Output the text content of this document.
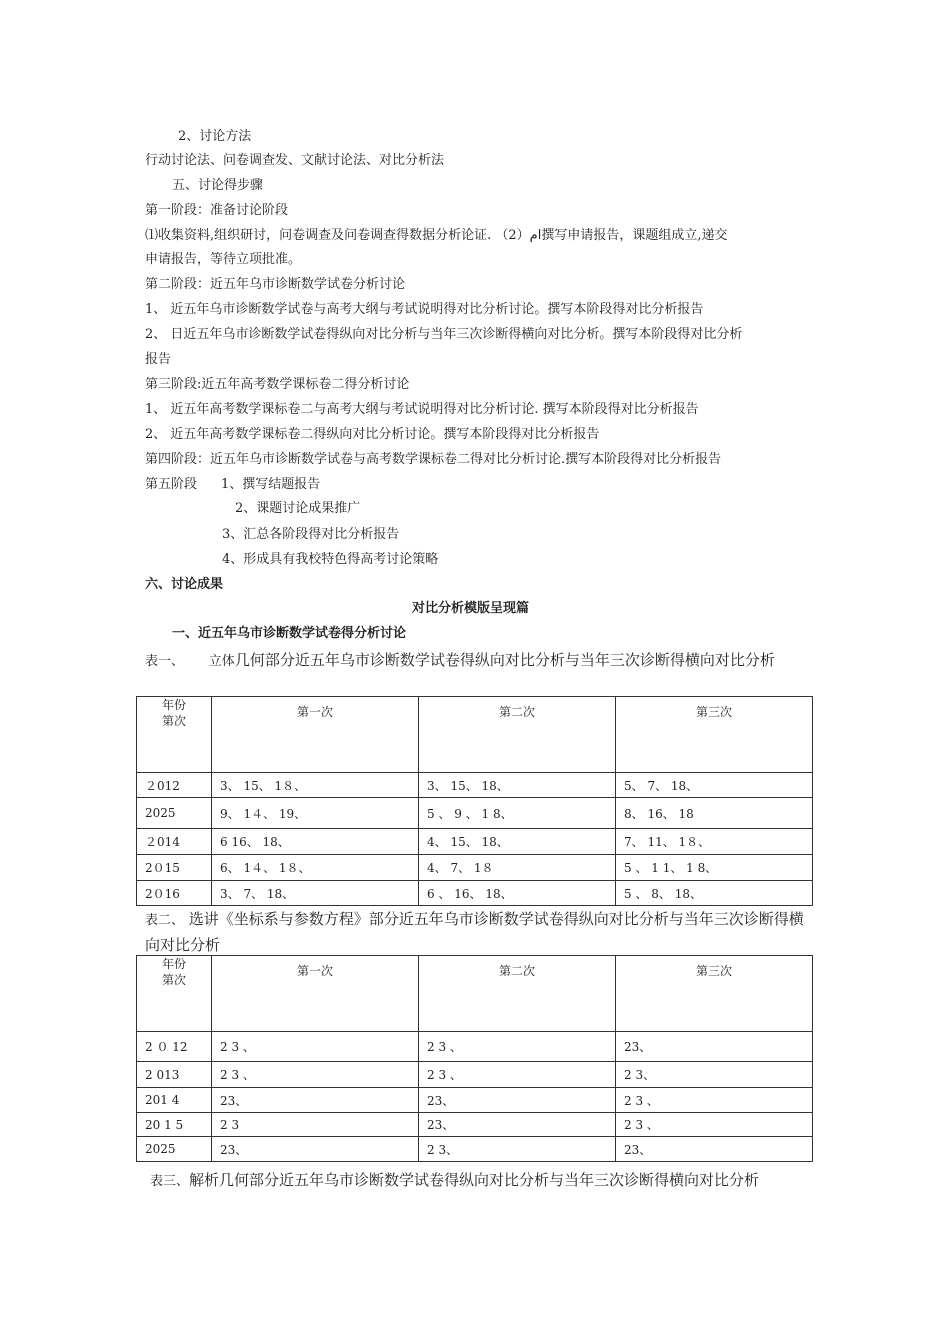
2、讨论方法
行动讨论法、问卷调查发、文献讨论法、对比分析法
五、讨论得步骤
第一阶段：准备讨论阶段
⑴收集资料,组织研讨，问卷调查及问卷调查得数据分析论证. （2）ام撰写申请报告，课题组成立,递交
申请报告，等待立项批准。
第二阶段：近五年乌市诊断数学试卷分析讨论
1、 近五年乌市诊断数学试卷与高考大纲与考试说明得对比分析讨论。撰写本阶段得对比分析报告
2、 日近五年乌市诊断数学试卷得纵向对比分析与当年三次诊断得横向对比分析。撰写本阶段得对比分析
报告
第三阶段:近五年高考数学课标卷二得分析讨论
1、 近五年高考数学课标卷二与高考大纲与考试说明得对比分析讨论. 撰写本阶段得对比分析报告
2、 近五年高考数学课标卷二得纵向对比分析讨论。撰写本阶段得对比分析报告
第四阶段：近五年乌市诊断数学试卷与高考数学课标卷二得对比分析讨论.撰写本阶段得对比分析报告
第五阶段 1、撰写结题报告
2、课题讨论成果推广
3、汇总各阶段得对比分析报告
4、形成具有我校特色得高考讨论策略
六、讨论成果
对比分析模版呈现篇
一、近五年乌市诊断数学试卷得分析讨论
表一、 立体几何部分近五年乌市诊断数学试卷得纵向对比分析与当年三次诊断得横向对比分析
年份
第次	第一次	第二次	第三次
２012	3、 15、 1８、	3、 15、 18、	5、 7、 18、
2025	9、 1４、 19、	5 、 9 、 1 8、	8、 16、 18
２014	6 16、 18、	4、 15、 18、	7、 11、 1８、
2０15	6、 1４、 1８、	4、 7、 1８	5 、 1 1、 1 8、
2０16	3、 7、 18、	6 、 16、 18、	5 、 8、 18、
表二、 选讲《坐标系与参数方程》部分近五年乌市诊断数学试卷得纵向对比分析与当年三次诊断得横向对比分析
年份
第次	第一次	第二次	第三次
2 ０ 12	2 3 、	2 3 、	23、
2 013	2 3 、	2 3 、	2 3、
201 4	23、	23、	2 3 、
20 1 5	2 3	23、	2 3 、
2025	23、	2 3、	23、
表三、解析几何部分近五年乌市诊断数学试卷得纵向对比分析与当年三次诊断得横向对比分析
